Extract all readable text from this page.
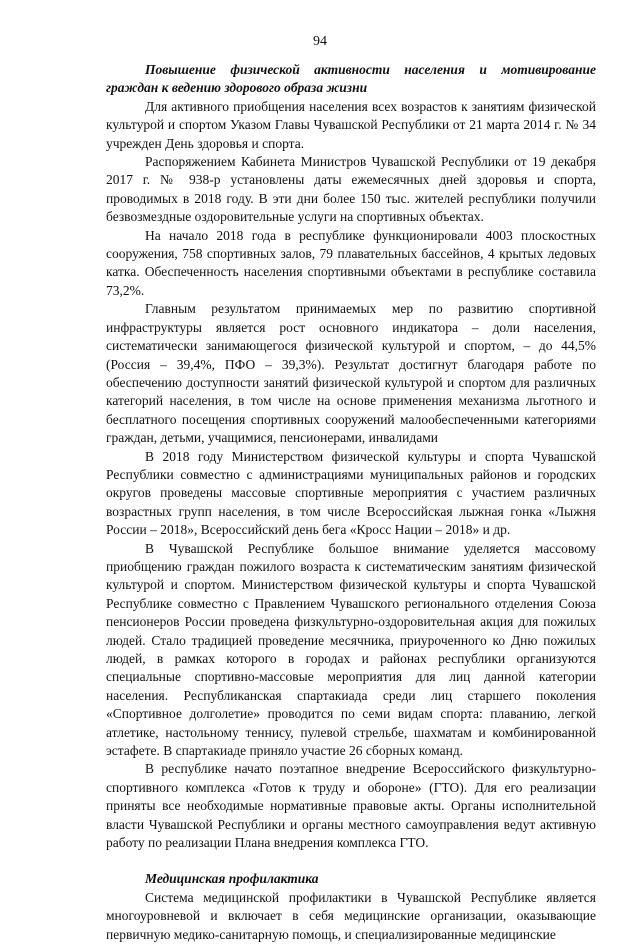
94

Повышение физической активности населения и мотивирование граждан к ведению здорового образа жизни

Для активного приобщения населения всех возрастов к занятиям физической культурой и спортом Указом Главы Чувашской Республики от 21 марта 2014 г. № 34 учрежден День здоровья и спорта.

Распоряжением Кабинета Министров Чувашской Республики от 19 декабря 2017 г. № 938-р установлены даты ежемесячных дней здоровья и спорта, проводимых в 2018 году. В эти дни более 150 тыс. жителей республики получили безвозмездные оздоровительные услуги на спортивных объектах.

На начало 2018 года в республике функционировали 4003 плоскостных сооружения, 758 спортивных залов, 79 плавательных бассейнов, 4 крытых ледовых катка. Обеспеченность населения спортивными объектами в республике составила 73,2%.

Главным результатом принимаемых мер по развитию спортивной инфраструктуры является рост основного индикатора – доли населения, систематически занимающегося физической культурой и спортом, – до 44,5% (Россия – 39,4%, ПФО – 39,3%). Результат достигнут благодаря работе по обеспечению доступности занятий физической культурой и спортом для различных категорий населения, в том числе на основе применения механизма льготного и бесплатного посещения спортивных сооружений малообеспеченными категориями граждан, детьми, учащимися, пенсионерами, инвалидами

В 2018 году Министерством физической культуры и спорта Чувашской Республики совместно с администрациями муниципальных районов и городских округов проведены массовые спортивные мероприятия с участием различных возрастных групп населения, в том числе Всероссийская лыжная гонка «Лыжня России – 2018», Всероссийский день бега «Кросс Нации – 2018» и др.

В Чувашской Республике большое внимание уделяется массовому приобщению граждан пожилого возраста к систематическим занятиям физической культурой и спортом. Министерством физической культуры и спорта Чувашской Республике совместно с Правлением Чувашского регионального отделения Союза пенсионеров России проведена физкультурно-оздоровительная акция для пожилых людей. Стало традицией проведение месячника, приуроченного ко Дню пожилых людей, в рамках которого в городах и районах республики организуются специальные спортивно-массовые мероприятия для лиц данной категории населения. Республиканская спартакиада среди лиц старшего поколения «Спортивное долголетие» проводится по семи видам спорта: плаванию, легкой атлетике, настольному теннису, пулевой стрельбе, шахматам и комбинированной эстафете. В спартакиаде приняло участие 26 сборных команд.

В республике начато поэтапное внедрение Всероссийского физкультурно-спортивного комплекса «Готов к труду и обороне» (ГТО). Для его реализации приняты все необходимые нормативные правовые акты. Органы исполнительной власти Чувашской Республики и органы местного самоуправления ведут активную работу по реализации Плана внедрения комплекса ГТО.

Медицинская профилактика

Система медицинской профилактики в Чувашской Республике является многоуровневой и включает в себя медицинские организации, оказывающие первичную медико-санитарную помощь, и специализированные медицинские
